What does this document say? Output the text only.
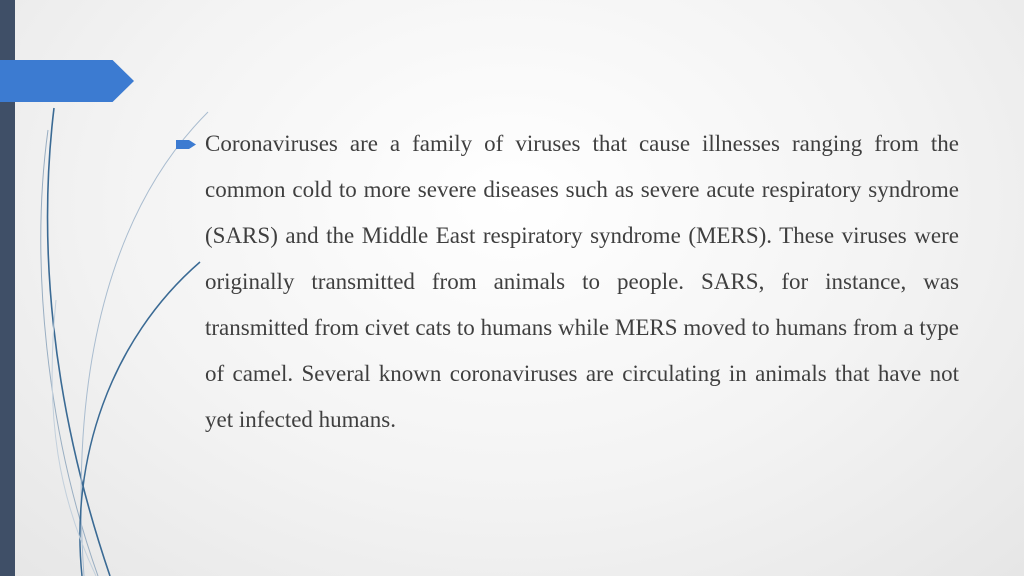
Coronaviruses are a family of viruses that cause illnesses ranging from the common cold to more severe diseases such as severe acute respiratory syndrome (SARS) and the Middle East respiratory syndrome (MERS). These viruses were originally transmitted from animals to people. SARS, for instance, was transmitted from civet cats to humans while MERS moved to humans from a type of camel. Several known coronaviruses are circulating in animals that have not yet infected humans.
